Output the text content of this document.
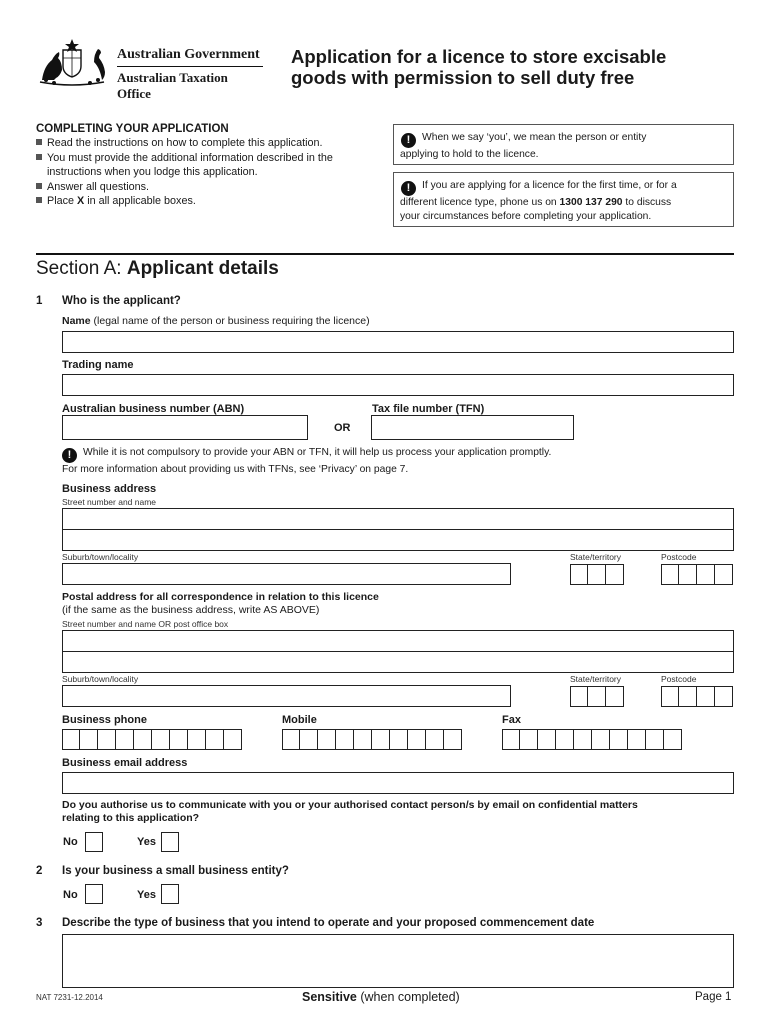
Australian Government
Australian Taxation Office
Application for a licence to store excisable
goods with permission to sell duty free
COMPLETING YOUR APPLICATION
Read the instructions on how to complete this application.
You must provide the additional information described in the
instructions when you lodge this application.
Answer all questions.
Place X in all applicable boxes.
! When we say ‘you’, we mean the person or entity
applying to hold to the licence.
! If you are applying for a licence for the first time, or for a
different licence type, phone us on 1300 137 290 to discuss
your circumstances before completing your application.
Section A: Applicant details
1 Who is the applicant?
Name (legal name of the person or business requiring the licence)
Trading name
Australian business number (ABN)
OR
Tax file number (TFN)
! While it is not compulsory to provide your ABN or TFN, it will help us process your application promptly.
For more information about providing us with TFNs, see ‘Privacy’ on page 7.
Business address
Street number and name
Suburb/town/locality	State/territory	Postcode
Postal address for all correspondence in relation to this licence
(if the same as the business address, write AS ABOVE)
Street number and name OR post office box
Suburb/town/locality	State/territory	Postcode
Business phone	Mobile	Fax
Business email address
Do you authorise us to communicate with you or your authorised contact person/s by email on confidential matters
relating to this application?
No	Yes
2 Is your business a small business entity?
No	Yes
3 Describe the type of business that you intend to operate and your proposed commencement date
NAT 7231-12.2014	Sensitive (when completed)	Page 1
